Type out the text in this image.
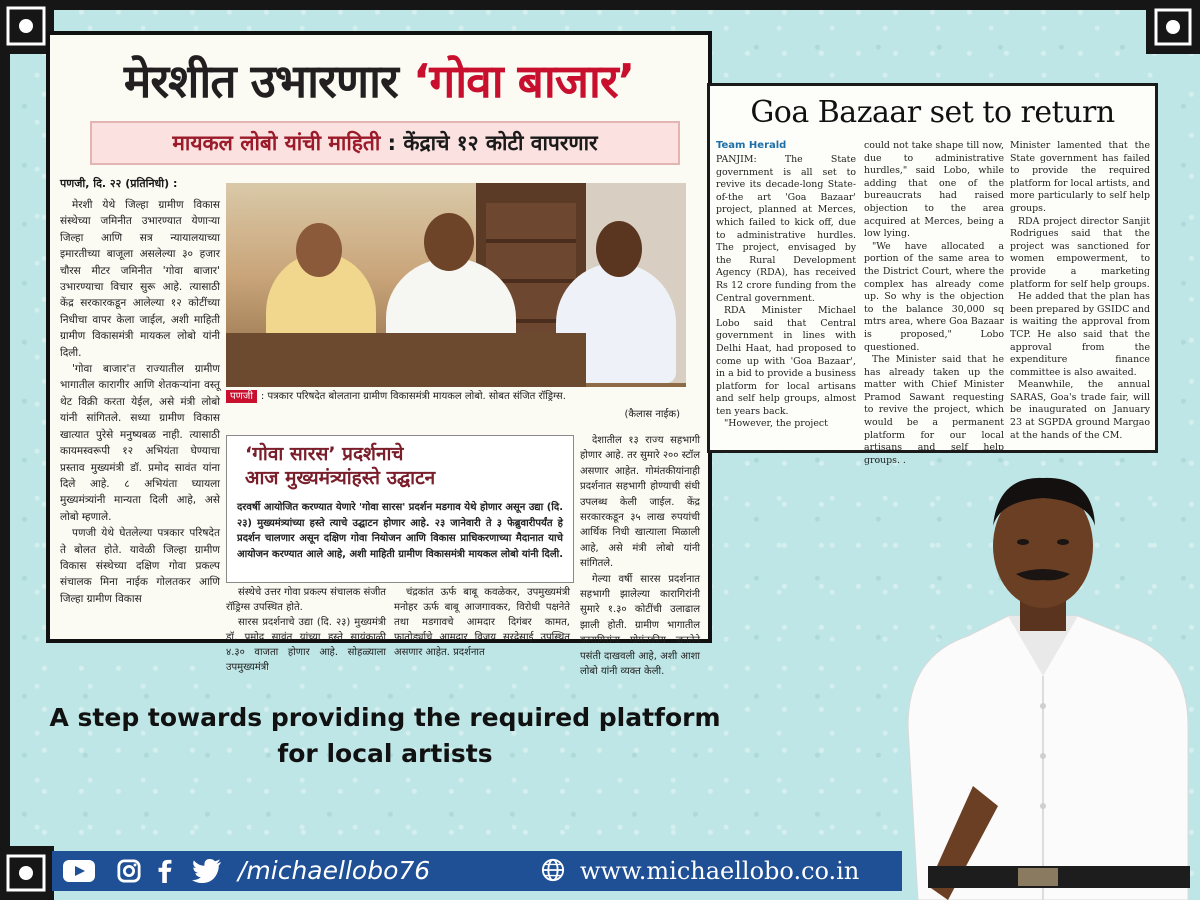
मेरशीत उभारणार ‘गोवा बाजार’
मायकल लोबो यांची माहिती : केंद्राचे १२ कोटी वापरणार
पणजी, दि. २२ (प्रतिनिधी) :

मेरशी येथे जिल्हा ग्रामीण विकास संस्थेच्या जमिनीत उभारण्यात येणाऱ्या जिल्हा आणि सत्र न्यायालयाच्या इमारतीच्या बाजूला असलेल्या ३० हजार चौरस मीटर जमिनीत 'गोवा बाजार' उभारण्याचा विचार सुरू आहे. त्यासाठी केंद्र सरकारकडून आलेल्या १२ कोटींच्या निधीचा वापर केला जाईल, अशी माहिती ग्रामीण विकासमंत्री मायकल लोबो यांनी दिली.

'गोवा बाजार'त राज्यातील ग्रामीण भागातील कारागीर आणि शेतकऱ्यांना वस्तू थेट विक्री करता येईल, असे मंत्री लोबो यांनी सांगितले. सध्या ग्रामीण विकास खात्यात पुरेसे मनुष्यबळ नाही. त्यासाठी कायमस्वरूपी १२ अभियंता घेण्याचा प्रस्ताव मुख्यमंत्री डॉ. प्रमोद सावंत यांना दिले आहे. ८ अभियंता घ्यायला मुख्यमंत्र्यांनी मान्यता दिली आहे, असे लोबो म्हणाले.

पणजी येथे घेतलेल्या पत्रकार परिषदेत ते बोलत होते. यावेळी जिल्हा ग्रामीण विकास संस्थेच्या दक्षिण गोवा प्रकल्प संचालक मिना नाईक गोलतकर आणि जिल्हा ग्रामीण विकास

पणजी : पत्रकार परिषदेत बोलताना ग्रामीण विकासमंत्री मायकल लोबो. सोबत संजित रॉड्रिग्स.
(कैलास नाईक)

देशातील १३ राज्य सहभागी होणार आहे. तर सुमारे २०० स्टॉल असणार आहेत. गोमंतकीयांनाही प्रदर्शनात सहभागी होण्याची संधी उपलब्ध केली जाईल. केंद्र सरकारकडून ३५ लाख रुपयांची आर्थिक निधी खात्याला मिळाली आहे, असे मंत्री लोबो यांनी सांगितले.

गेल्या वर्षी सारस प्रदर्शनात सहभागी झालेल्या कारागिरांनी सुमारे १.३० कोटींची उलाढाल झाली होती. ग्रामीण भागातील कारागिरांना गोमंतकीय जनतेने पसंती दाखवली आहे, अशी आशा लोबो यांनी व्यक्त केली.

‘गोवा सारस’ प्रदर्शनाचे
आज मुख्यमंत्र्यांहस्ते उद्घाटन
दरवर्षी आयोजित करण्यात येणारे 'गोवा सारस' प्रदर्शन मडगाव येथे होणार असून उद्या (दि. २३) मुख्यमंत्र्यांच्या हस्ते त्याचे उद्घाटन होणार आहे. २३ जानेवारी ते ३ फेब्रुवारीपर्यंत हे प्रदर्शन चालणार असून दक्षिण गोवा नियोजन आणि विकास प्राधिकरणाच्या मैदानात याचे आयोजन करण्यात आले आहे, अशी माहिती ग्रामीण विकासमंत्री मायकल लोबो यांनी दिली.

संस्थेचे उत्तर गोवा प्रकल्प संचालक संजीत रॉड्रिग्स उपस्थित होते.

सारस प्रदर्शनाचे उद्या (दि. २३) मुख्यमंत्री डॉ. प्रमोद सावंत यांच्या हस्ते सायंकाळी ४.३० वाजता होणार आहे. सोहळ्याला उपमुख्यमंत्री

चंद्रकांत ऊर्फ बाबू कवळेकर, उपमुख्यमंत्री मनोहर ऊर्फ बाबू आजगावकर, विरोधी पक्षनेते तथा मडगावचे आमदार दिगंबर कामत, फातोर्ड्याचे आमदार विजय सरदेसाई उपस्थित असणार आहेत. प्रदर्शनात

Goa Bazaar set to return
Team Herald

PANJIM: The State government is all set to revive its decade-long State-of-the art 'Goa Bazaar' project, planned at Merces, which failed to kick off, due to administrative hurdles. The project, envisaged by the Rural Development Agency (RDA), has received Rs 12 crore funding from the Central government.

RDA Minister Michael Lobo said that Central government in lines with Delhi Haat, had proposed to come up with 'Goa Bazaar', in a bid to provide a business platform for local artisans and self help groups, almost ten years back.

"However, the project

could not take shape till now, due to administrative hurdles," said Lobo, while adding that one of the bureaucrats had raised objection to the area acquired at Merces, being a low lying.

"We have allocated a portion of the same area to the District Court, where the complex has already come up. So why is the objection to the balance 30,000 sq mtrs area, where Goa Bazaar is proposed," Lobo questioned.

The Minister said that he has already taken up the matter with Chief Minister Pramod Sawant requesting to revive the project, which would be a permanent platform for our local artisans and self help groups. .

Minister lamented that the State government has failed to provide the required platform for local artists, and more particularly to self help groups.

RDA project director Sanjit Rodrigues said that the project was sanctioned for women empowerment, to provide a marketing platform for self help groups.

He added that the plan has been prepared by GSIDC and is waiting the approval from TCP. He also said that the approval from the expenditure finance committee is also awaited.

Meanwhile, the annual SARAS, Goa's trade fair, will be inaugurated on January 23 at SGPDA ground Margao at the hands of the CM.

A step towards providing the required platform
for local artists
/michaellobo76	www.michaellobo.co.in
